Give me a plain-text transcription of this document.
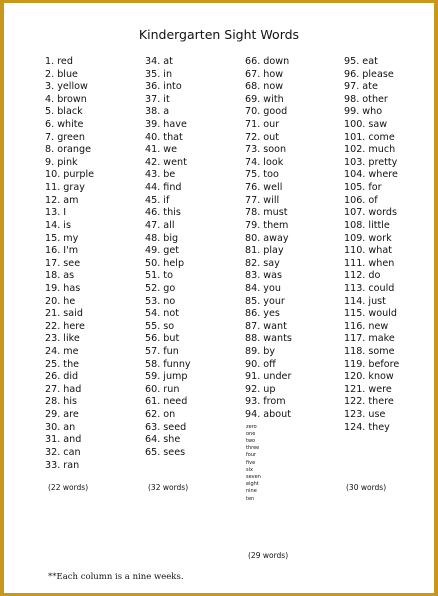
Kindergarten Sight Words
1. red
2. blue
3. yellow
4. brown
5. black
6. white
7. green
8. orange
9. pink
10. purple
11. gray
12. am
13. I
14. is
15. my
16. I'm
17. see
18. as
19. has
20. he
21. said
22. here
23. like
24. me
25. the
26. did
27. had
28. his
29. are
30. an
31. and
32. can
33. ran
34. at
35. in
36. into
37. it
38. a
39. have
40. that
41. we
42. went
43. be
44. find
45. if
46. this
47. all
48. big
49. get
50. help
51. to
52. go
53. no
54. not
55. so
56. but
57. fun
58. funny
59. jump
60. run
61. need
62. on
63. seed
64. she
65. sees
66. down
67. how
68. now
69. with
70. good
71. our
72. out
73. soon
74. look
75. too
76. well
77. will
78. must
79. them
80. away
81. play
82. say
83. was
84. you
85. your
86. yes
87. want
88. wants
89. by
90. off
91. under
92. up
93. from
94. about
zero
one
two
three
four
five
six
seven
eight
nine
ten
95. eat
96. please
97. ate
98. other
99. who
100. saw
101. come
102. much
103. pretty
104. where
105. for
106. of
107. words
108. little
109. work
110. what
111. when
112. do
113. could
114. just
115. would
116. new
117. make
118. some
119. before
120. know
121. were
122. there
123. use
124. they
(22 words)	(32 words)
(29 words)
(30 words)
**Each column is a nine weeks.
